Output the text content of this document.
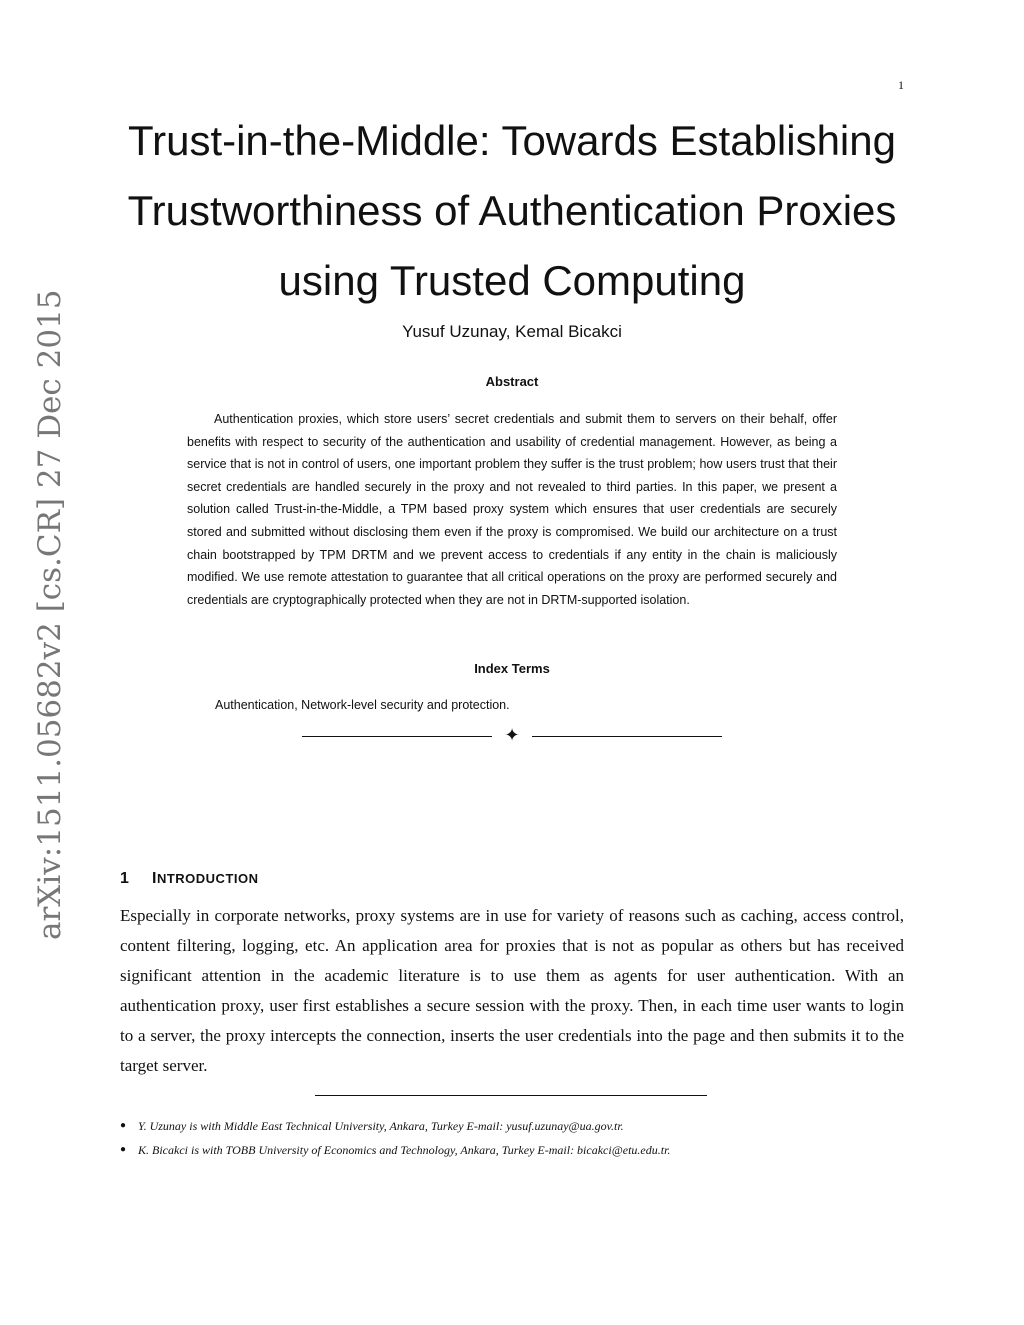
1
arXiv:1511.05682v2 [cs.CR] 27 Dec 2015
Trust-in-the-Middle: Towards Establishing
Trustworthiness of Authentication Proxies
using Trusted Computing
Yusuf Uzunay, Kemal Bicakci
Abstract

Authentication proxies, which store users’ secret credentials and submit them to servers on their behalf, offer benefits with respect to security of the authentication and usability of credential management. However, as being a service that is not in control of users, one important problem they suffer is the trust problem; how users trust that their secret credentials are handled securely in the proxy and not revealed to third parties. In this paper, we present a solution called Trust-in-the-Middle, a TPM based proxy system which ensures that user credentials are securely stored and submitted without disclosing them even if the proxy is compromised. We build our architecture on a trust chain bootstrapped by TPM DRTM and we prevent access to credentials if any entity in the chain is maliciously modified. We use remote attestation to guarantee that all critical operations on the proxy are performed securely and credentials are cryptographically protected when they are not in DRTM-supported isolation.

Index Terms
Authentication, Network-level security and protection.
✦
1 INTRODUCTION

Especially in corporate networks, proxy systems are in use for variety of reasons such as caching, access control, content filtering, logging, etc. An application area for proxies that is not as popular as others but has received significant attention in the academic literature is to use them as agents for user authentication. With an authentication proxy, user first establishes a secure session with the proxy. Then, in each time user wants to login to a server, the proxy intercepts the connection, inserts the user credentials into the page and then submits it to the target server.

● Y. Uzunay is with Middle East Technical University, Ankara, Turkey E-mail: yusuf.uzunay@ua.gov.tr.
● K. Bicakci is with TOBB University of Economics and Technology, Ankara, Turkey E-mail: bicakci@etu.edu.tr.
